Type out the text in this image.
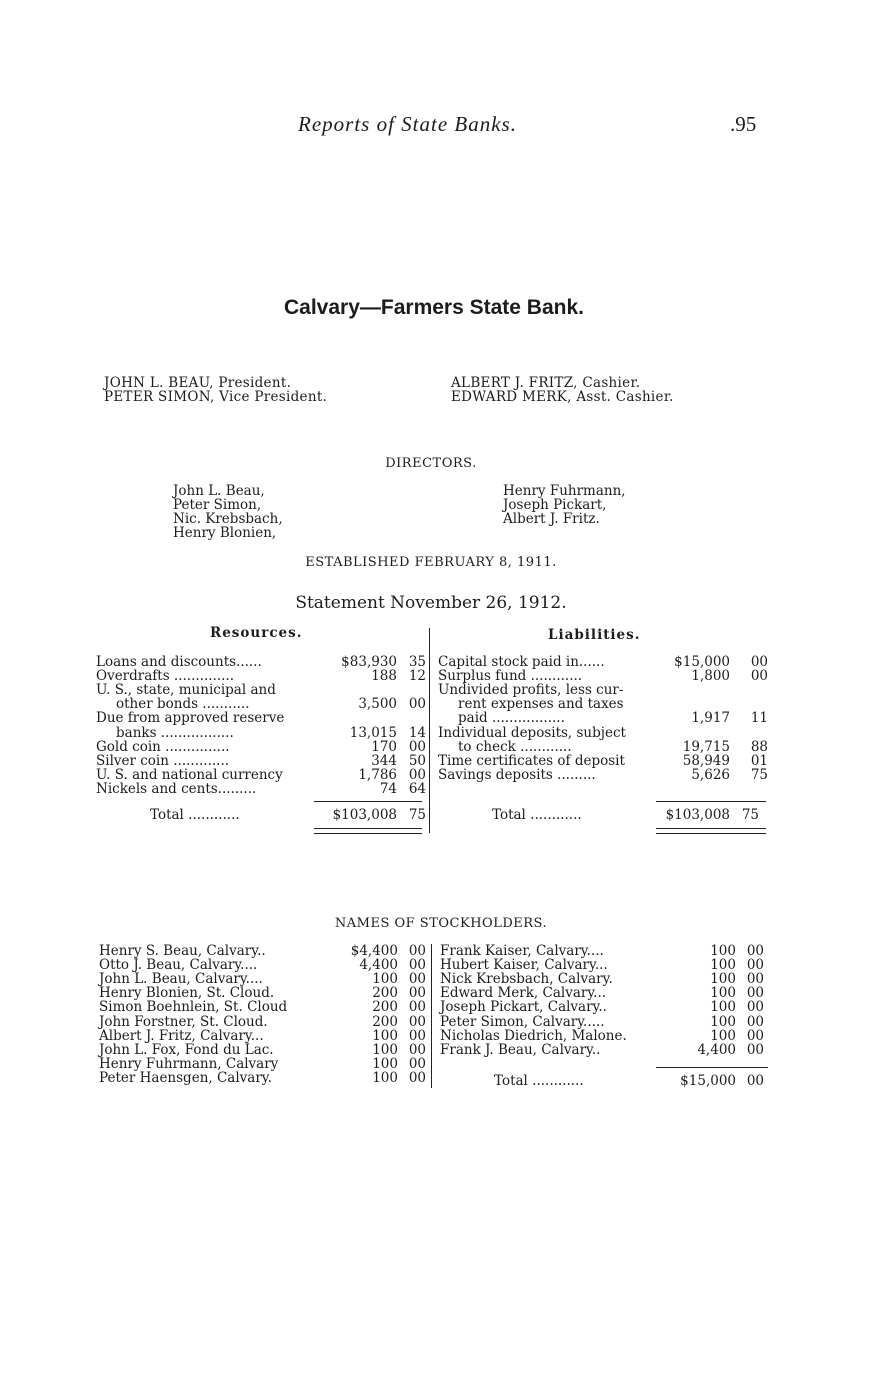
Reports of State Banks.	.95
Calvary—Farmers State Bank.
JOHN L. BEAU, President.
PETER SIMON, Vice President.
ALBERT J. FRITZ, Cashier.
EDWARD MERK, Asst. Cashier.
DIRECTORS.
John L. Beau,
Peter Simon,
Nic. Krebsbach,
Henry Blonien,
Henry Fuhrmann,
Joseph Pickart,
Albert J. Fritz.
ESTABLISHED FEBRUARY 8, 1911.
Statement November 26, 1912.
Resources.	Liabilities.
Loans and discounts......	$83,930 35
Overdrafts ..............	188 12
U. S., state, municipal and
other bonds ...........	3,500 00
Due from approved reserve
banks .................	13,015 14
Gold coin ...............	170 00
Silver coin .............	344 50
U. S. and national currency	1,786 00
Nickels and cents.........	74 64
Total ............	$103,008 75
Capital stock paid in......	$15,000	00
Surplus fund ............	1,800	00
Undivided profits, less cur-
rent expenses and taxes
paid .................	1,917	11
Individual deposits, subject
to check ............	19,715	88
Time certificates of deposit	58,949	01
Savings deposits .........	5,626	75
Total ............	$103,008 75
NAMES OF STOCKHOLDERS.
Henry S. Beau, Calvary..	$4,400 00
Otto J. Beau, Calvary....	4,400 00
John L. Beau, Calvary....	100 00
Henry Blonien, St. Cloud.	200 00
Simon Boehnlein, St. Cloud	200 00
John Forstner, St. Cloud.	200 00
Albert J. Fritz, Calvary...	100 00
John L. Fox, Fond du Lac.	100 00
Henry Fuhrmann, Calvary	100 00
Peter Haensgen, Calvary.	100 00
Frank Kaiser, Calvary....	100 00
Hubert Kaiser, Calvary...	100 00
Nick Krebsbach, Calvary.	100 00
Edward Merk, Calvary...	100 00
Joseph Pickart, Calvary..	100 00
Peter Simon, Calvary.....	100 00
Nicholas Diedrich, Malone.	100 00
Frank J. Beau, Calvary..	4,400 00
Total ............	$15,000 00
